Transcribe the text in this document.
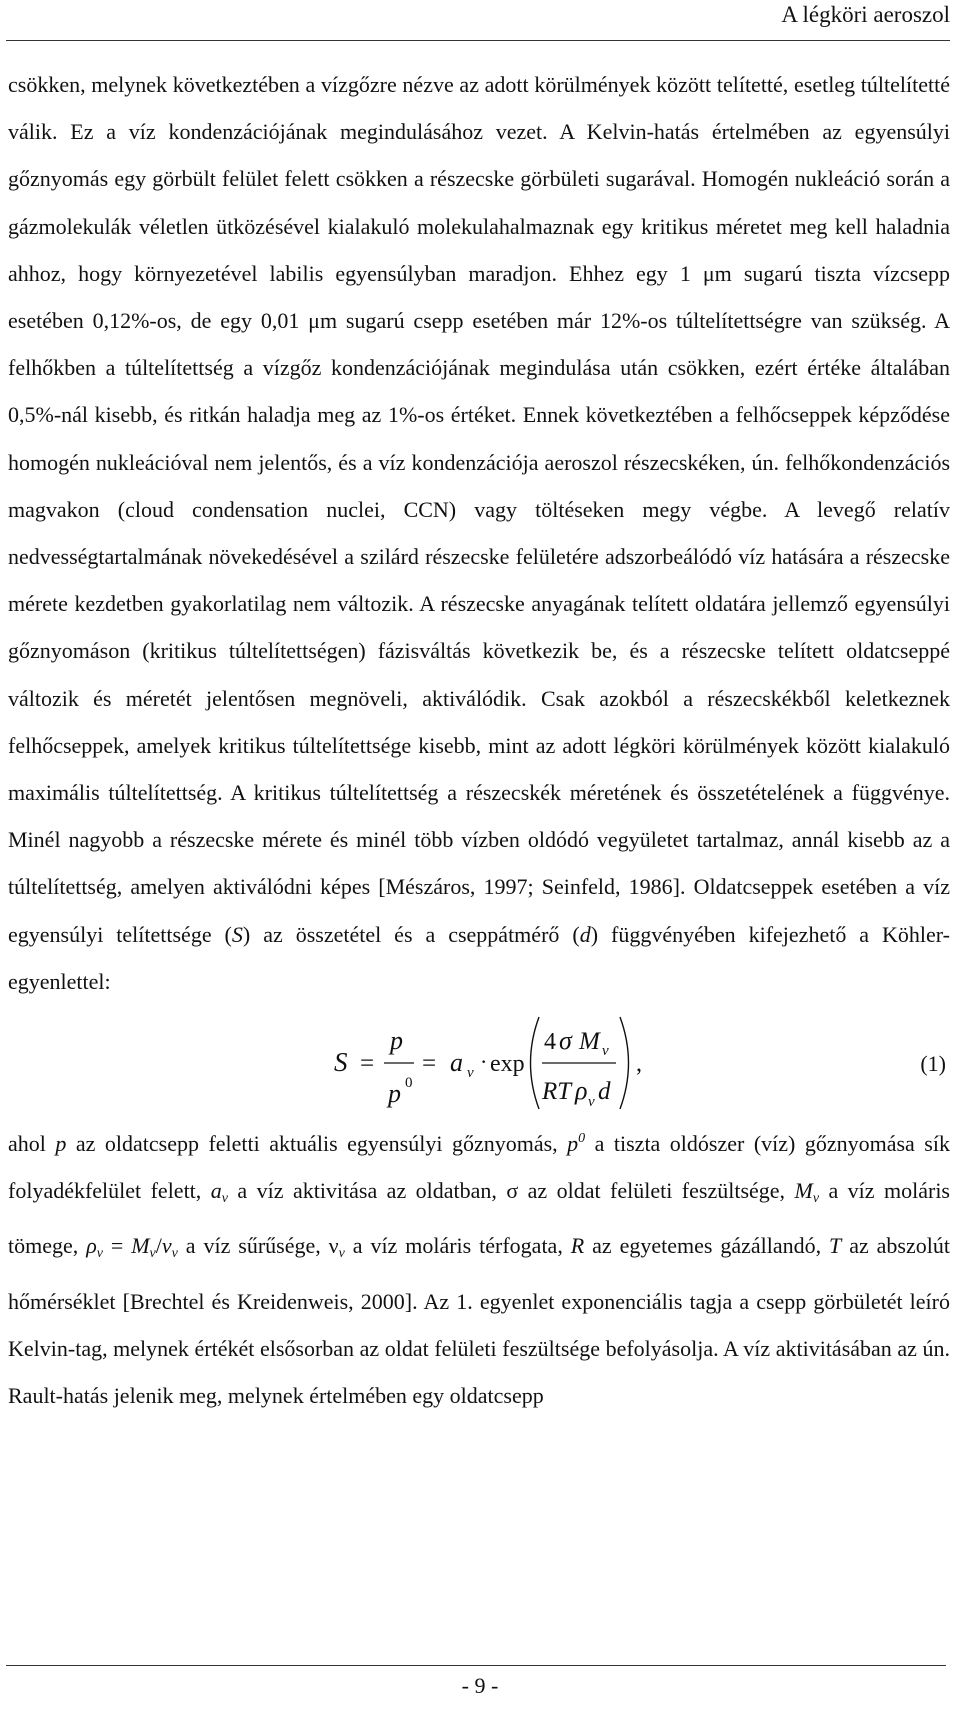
A légköri aeroszol

csökken, melynek következtében a vízgőzre nézve az adott körülmények között telítetté, esetleg túltelítetté válik. Ez a víz kondenzációjának megindulásához vezet. A Kelvin-hatás értelmében az egyensúlyi gőznyomás egy görbült felület felett csökken a részecske görbületi sugarával. Homogén nukleáció során a gázmolekulák véletlen ütközésével kialakuló molekulahalmaznak egy kritikus méretet meg kell haladnia ahhoz, hogy környezetével labilis egyensúlyban maradjon. Ehhez egy 1 μm sugarú tiszta vízcsepp esetében 0,12%-os, de egy 0,01 μm sugarú csepp esetében már 12%-os túltelítettségre van szükség. A felhőkben a túltelítettség a vízgőz kondenzációjának megindulása után csökken, ezért értéke általában 0,5%-nál kisebb, és ritkán haladja meg az 1%-os értéket. Ennek következtében a felhőcseppek képződése homogén nukleációval nem jelentős, és a víz kondenzációja aeroszol részecskéken, ún. felhőkondenzációs magvakon (cloud condensation nuclei, CCN) vagy töltéseken megy végbe. A levegő relatív nedvességtartalmának növekedésével a szilárd részecske felületére adszorbeálódó víz hatására a részecske mérete kezdetben gyakorlatilag nem változik. A részecske anyagának telített oldatára jellemző egyensúlyi gőznyomáson (kritikus túltelítettségen) fázisváltás következik be, és a részecske telített oldatcseppé változik és méretét jelentősen megnöveli, aktiválódik. Csak azokból a részecskékből keletkeznek felhőcseppek, amelyek kritikus túltelítettsége kisebb, mint az adott légköri körülmények között kialakuló maximális túltelítettség. A kritikus túltelítettség a részecskék méretének és összetételének a függvénye. Minél nagyobb a részecske mérete és minél több vízben oldódó vegyületet tartalmaz, annál kisebb az a túltelítettség, amelyen aktiválódni képes [Mészáros, 1997; Seinfeld, 1986]. Oldatcseppek esetében a víz egyensúlyi telítettsége (S) az összetétel és a cseppátmérő (d) függvényében kifejezhető a Köhler-egyenlettel:

S =
p
0
p
= a v · exp
4 σ M v
RT ρ v d
,	(1)

ahol p az oldatcsepp feletti aktuális egyensúlyi gőznyomás, $p^0$ a tiszta oldószer (víz) gőznyomása sík folyadékfelület felett, $a_v$ a víz aktivitása az oldatban, σ az oldat felületi feszültsége, $M_v$ a víz moláris tömege, $\rho_v = M_v/\nu_v$ a víz sűrűsége, $\nu_v$ a víz moláris térfogata, R az egyetemes gázállandó, T az abszolút hőmérséklet [Brechtel és Kreidenweis, 2000]. Az 1. egyenlet exponenciális tagja a csepp görbületét leíró Kelvin-tag, melynek értékét elsősorban az oldat felületi feszültsége befolyásolja. A víz aktivitásában az ún. Rault-hatás jelenik meg, melynek értelmében egy oldatcsepp

- 9 -
